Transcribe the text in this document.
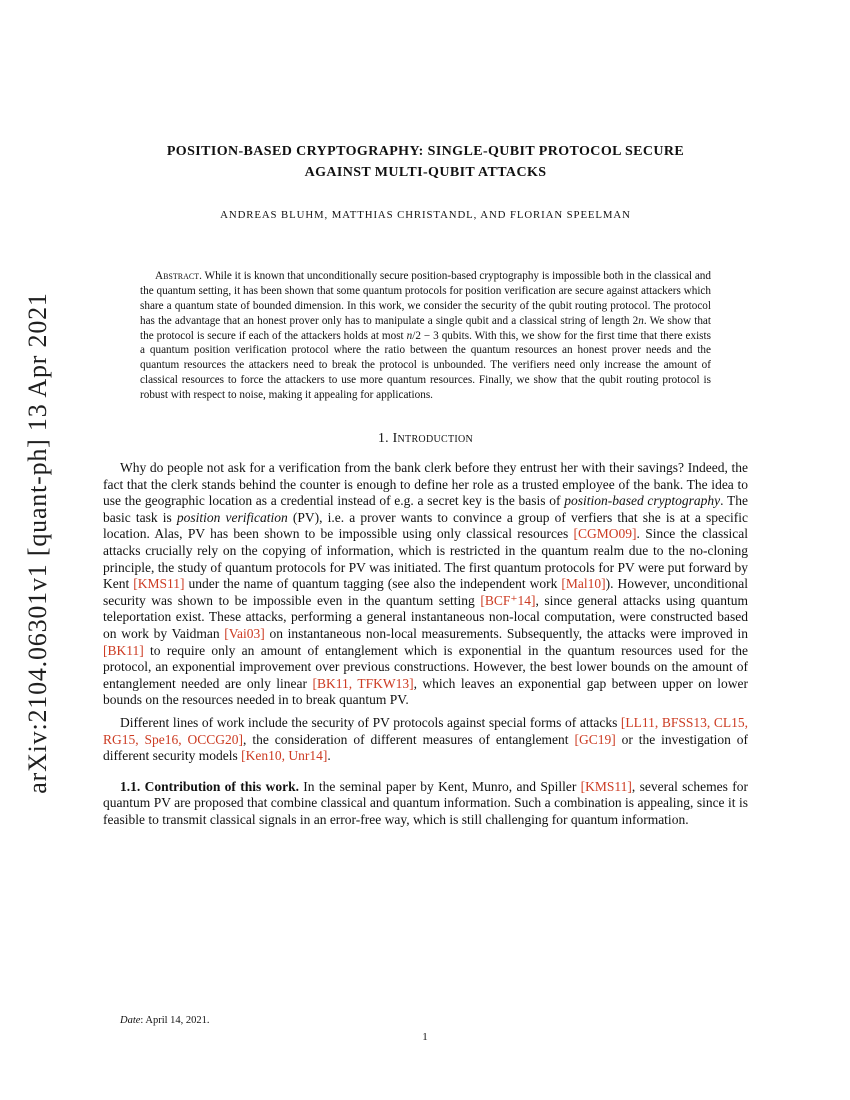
arXiv:2104.06301v1 [quant-ph] 13 Apr 2021
POSITION-BASED CRYPTOGRAPHY: SINGLE-QUBIT PROTOCOL SECURE
AGAINST MULTI-QUBIT ATTACKS
ANDREAS BLUHM, MATTHIAS CHRISTANDL, AND FLORIAN SPEELMAN

Abstract. While it is known that unconditionally secure position-based cryptography is impossible both in the classical and the quantum setting, it has been shown that some quantum protocols for position verification are secure against attackers which share a quantum state of bounded dimension. In this work, we consider the security of the qubit routing protocol. The protocol has the advantage that an honest prover only has to manipulate a single qubit and a classical string of length 2n. We show that the protocol is secure if each of the attackers holds at most n/2 − 3 qubits. With this, we show for the first time that there exists a quantum position verification protocol where the ratio between the quantum resources an honest prover needs and the quantum resources the attackers need to break the protocol is unbounded. The verifiers need only increase the amount of classical resources to force the attackers to use more quantum resources. Finally, we show that the qubit routing protocol is robust with respect to noise, making it appealing for applications.

1. Introduction

Why do people not ask for a verification from the bank clerk before they entrust her with their savings? Indeed, the fact that the clerk stands behind the counter is enough to define her role as a trusted employee of the bank. The idea to use the geographic location as a credential instead of e.g. a secret key is the basis of position-based cryptography. The basic task is position verification (PV), i.e. a prover wants to convince a group of verfiers that she is at a specific location. Alas, PV has been shown to be impossible using only classical resources [CGMO09]. Since the classical attacks crucially rely on the copying of information, which is restricted in the quantum realm due to the no-cloning principle, the study of quantum protocols for PV was initiated. The first quantum protocols for PV were put forward by Kent [KMS11] under the name of quantum tagging (see also the independent work [Mal10]). However, unconditional security was shown to be impossible even in the quantum setting [BCF⁺14], since general attacks using quantum teleportation exist. These attacks, performing a general instantaneous non-local computation, were constructed based on work by Vaidman [Vai03] on instantaneous non-local measurements. Subsequently, the attacks were improved in [BK11] to require only an amount of entanglement which is exponential in the quantum resources used for the protocol, an exponential improvement over previous constructions. However, the best lower bounds on the amount of entanglement needed are only linear [BK11, TFKW13], which leaves an exponential gap between upper on lower bounds on the resources needed in to break quantum PV.

Different lines of work include the security of PV protocols against special forms of attacks [LL11, BFSS13, CL15, RG15, Spe16, OCCG20], the consideration of different measures of entanglement [GC19] or the investigation of different security models [Ken10, Unr14].

1.1. Contribution of this work. In the seminal paper by Kent, Munro, and Spiller [KMS11], several schemes for quantum PV are proposed that combine classical and quantum information. Such a combination is appealing, since it is feasible to transmit classical signals in an error-free way, which is still challenging for quantum information.

Date: April 14, 2021.
1
